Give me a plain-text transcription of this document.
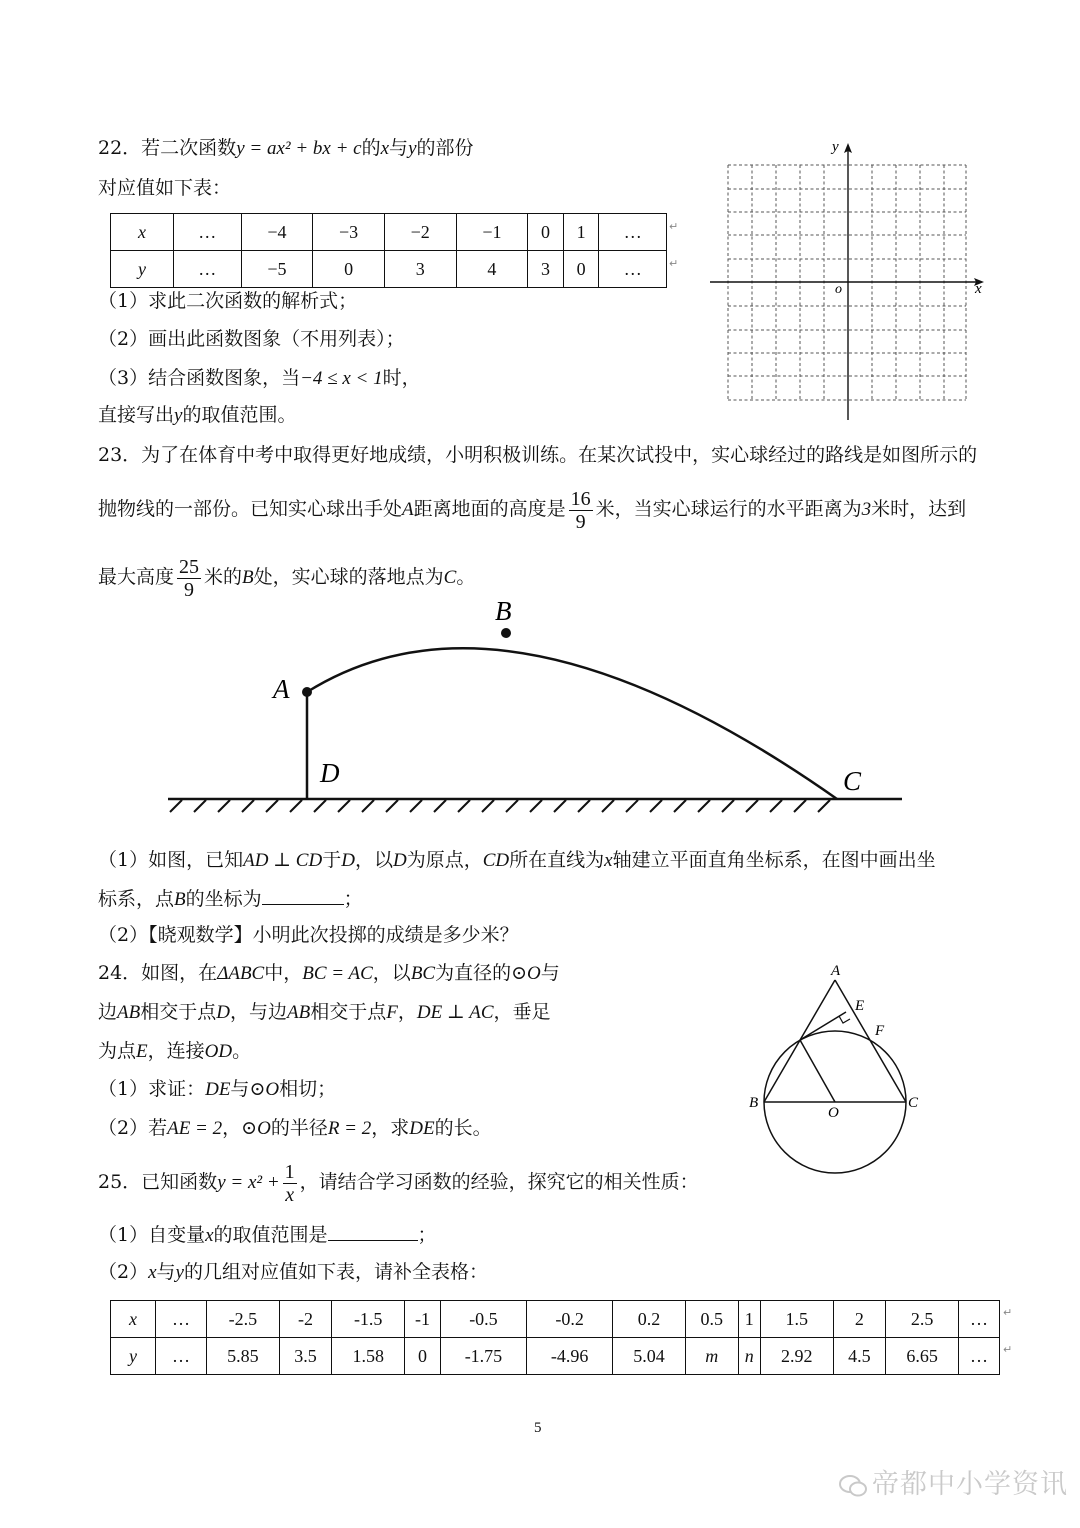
22．若二次函数y = ax² + bx + c的x与y的部份
对应值如下表：
x	…	−4	−3	−2	−1	0	1	…
y	…	−5	0	3	4	3	0	…
↵
↵
（1）求此二次函数的解析式；
（2）画出此函数图象（不用列表）；
（3）结合函数图象，当−4 ≤ x < 1时，
直接写出y的取值范围。
x
y
o
23．为了在体育中考中取得更好地成绩，小明积极训练。在某次试投中，实心球经过的路线是如图所示的
抛物线的一部份。已知实心球出手处A距离地面的高度是 $\frac{16}{9}$ 米，当实心球运行的水平距离为3米时，达到
最大高度 $\frac{25}{9}$ 米的B处，实心球的落地点为C。
A
B
D	C
（1）如图，已知AD ⊥ CD于D，以D为原点，CD所在直线为x轴建立平面直角坐标系，在图中画出坐
标系，点B的坐标为	；
（2）【晓观数学】小明此次投掷的成绩是多少米？
24．如图，在ΔABC中，BC = AC，以BC为直径的⊙O与
边AB相交于点D，与边AB相交于点F，DE ⊥ AC，垂足
为点E，连接OD。
（1）求证：DE与⊙O相切；
（2）若AE = 2，⊙O的半径R = 2，求DE的长。
A
E
F
B
O
C
25．已知函数$y = x^2 + \frac{1}{x}$ ，请结合学习函数的经验，探究它的相关性质：
（1）自变量x的取值范围是	；
（2）x与y的几组对应值如下表，请补全表格：
x	…	-2.5	-2	-1.5	-1	-0.5	-0.2	0.2	0.5	1	1.5	2	2.5	…
y	…	5.85	3.5	1.58	0	-1.75	-4.96	5.04	m	n	2.92	4.5	6.65	…
↵
↵
5
帝都中小学资讯
